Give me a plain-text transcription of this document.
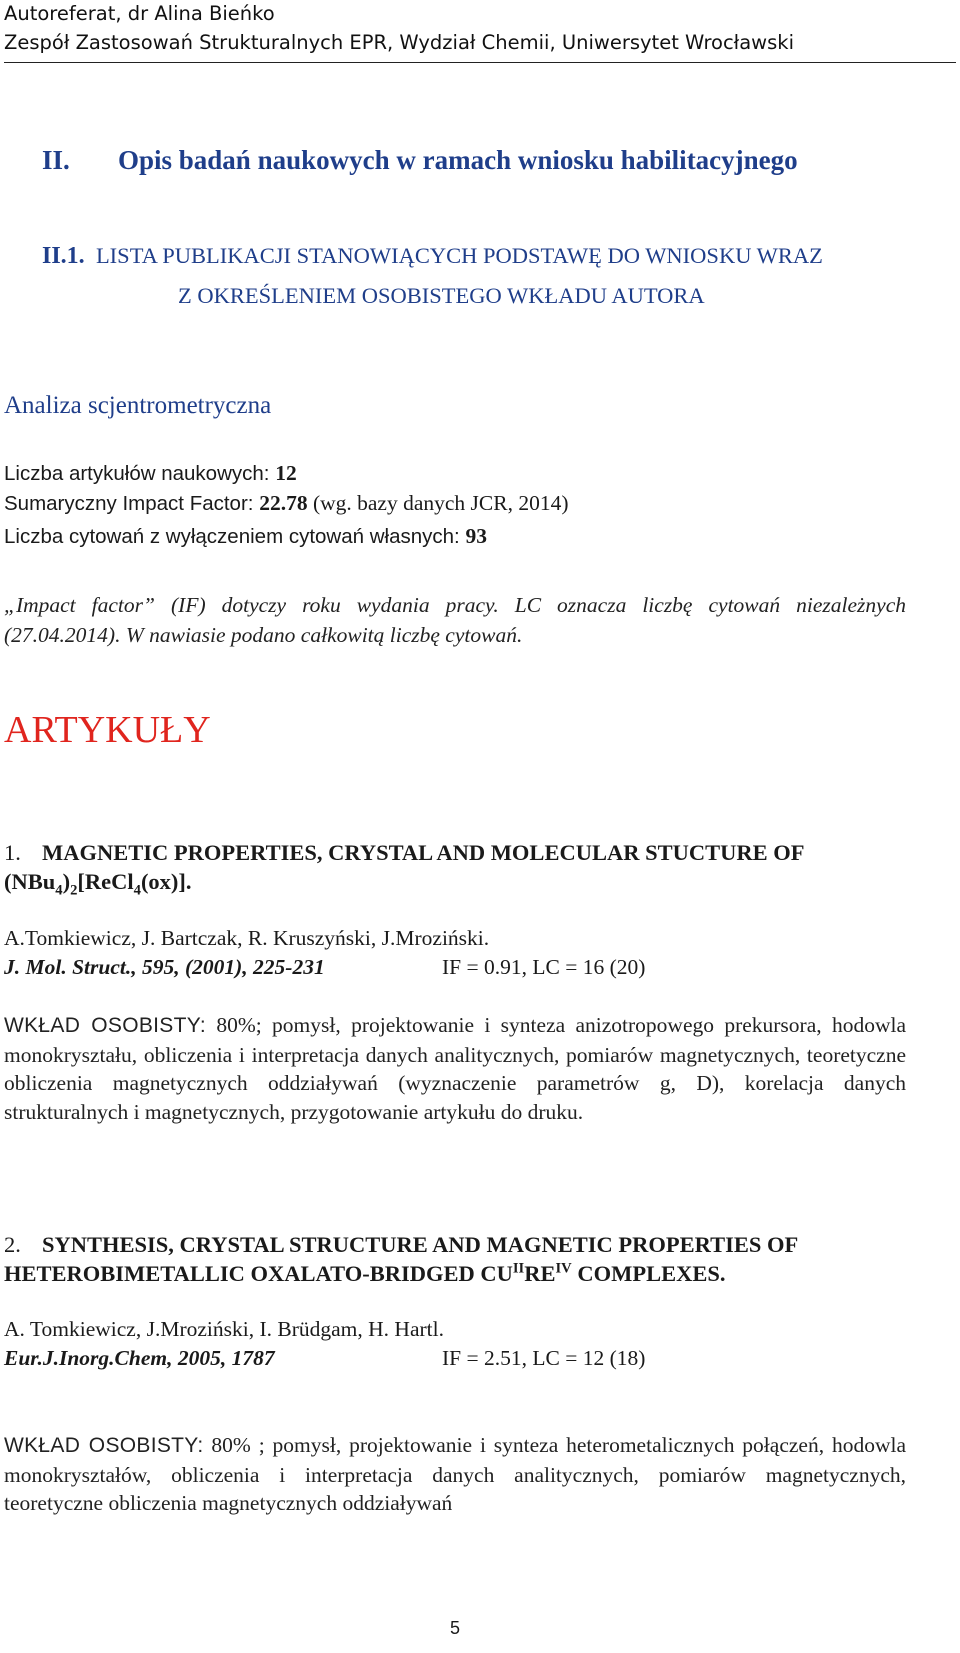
Autoreferat, dr Alina Bieńko
Zespół Zastosowań Strukturalnych EPR, Wydział Chemii, Uniwersytet Wrocławski
II. Opis badań naukowych w ramach wniosku habilitacyjnego
II.1. LISTA PUBLIKACJI STANOWIĄCYCH PODSTAWĘ DO WNIOSKU WRAZ
Z OKREŚLENIEM OSOBISTEGO WKŁADU AUTORA
Analiza scjentrometryczna
Liczba artykułów naukowych: 12
Sumaryczny Impact Factor: 22.78 (wg. bazy danych JCR, 2014)
Liczba cytowań z wyłączeniem cytowań własnych: 93
„Impact factor” (IF) dotyczy roku wydania pracy. LC oznacza liczbę cytowań niezależnych (27.04.2014). W nawiasie podano całkowitą liczbę cytowań.
ARTYKUŁY
1. MAGNETIC PROPERTIES, CRYSTAL AND MOLECULAR STUCTURE OF $(NBu_4)_2[ReCl_4(ox)]$.
A.Tomkiewicz, J. Bartczak, R. Kruszyński, J.Mroziński.
J. Mol. Struct., 595, (2001), 225-231	IF = 0.91, LC = 16 (20)
WKŁAD OSOBISTY: 80%; pomysł, projektowanie i synteza anizotropowego prekursora, hodowla monokryształu, obliczenia i interpretacja danych analitycznych, pomiarów magnetycznych, teoretyczne obliczenia magnetycznych oddziaływań (wyznaczenie parametrów g, D), korelacja danych strukturalnych i magnetycznych, przygotowanie artykułu do druku.
2. SYNTHESIS, CRYSTAL STRUCTURE AND MAGNETIC PROPERTIES OF HETEROBIMETALLIC OXALATO-BRIDGED $CU^{II}RE^{IV}$ COMPLEXES.
A. Tomkiewicz, J.Mroziński, I. Brüdgam, H. Hartl.
Eur.J.Inorg.Chem, 2005, 1787	IF = 2.51, LC = 12 (18)
WKŁAD OSOBISTY: 80% ; pomysł, projektowanie i synteza heterometalicznych połączeń, hodowla monokryształów, obliczenia i interpretacja danych analitycznych, pomiarów magnetycznych, teoretyczne obliczenia magnetycznych oddziaływań
5
